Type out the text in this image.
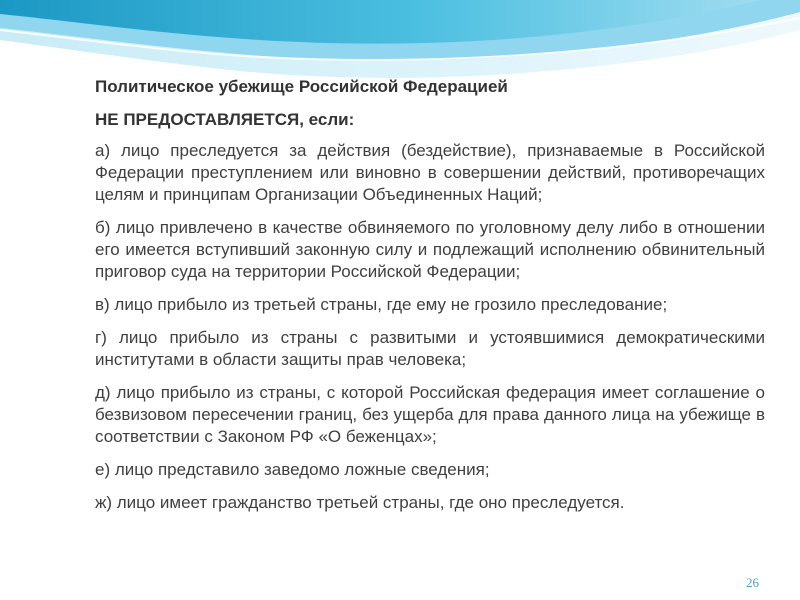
Политическое убежище Российской Федерацией
НЕ ПРЕДОСТАВЛЯЕТСЯ, если:
а) лицо преследуется за действия (бездействие), признаваемые в Российской Федерации преступлением или виновно в совершении действий, противоречащих целям и принципам Организации Объединенных Наций;
б) лицо привлечено в качестве обвиняемого по уголовному делу либо в отношении его имеется вступивший законную силу и подлежащий исполнению обвинительный приговор суда на территории Российской Федерации;
в) лицо прибыло из третьей страны, где ему не грозило преследование;
г) лицо прибыло из страны с развитыми и устоявшимися демократическими институтами в области защиты прав человека;
д) лицо прибыло из страны, с которой Российская федерация имеет соглашение о безвизовом пересечении границ, без ущерба для права данного лица на убежище в соответствии с Законом РФ «О беженцах»;
е) лицо представило заведомо ложные сведения;
ж) лицо имеет гражданство третьей страны, где оно преследуется.
26
